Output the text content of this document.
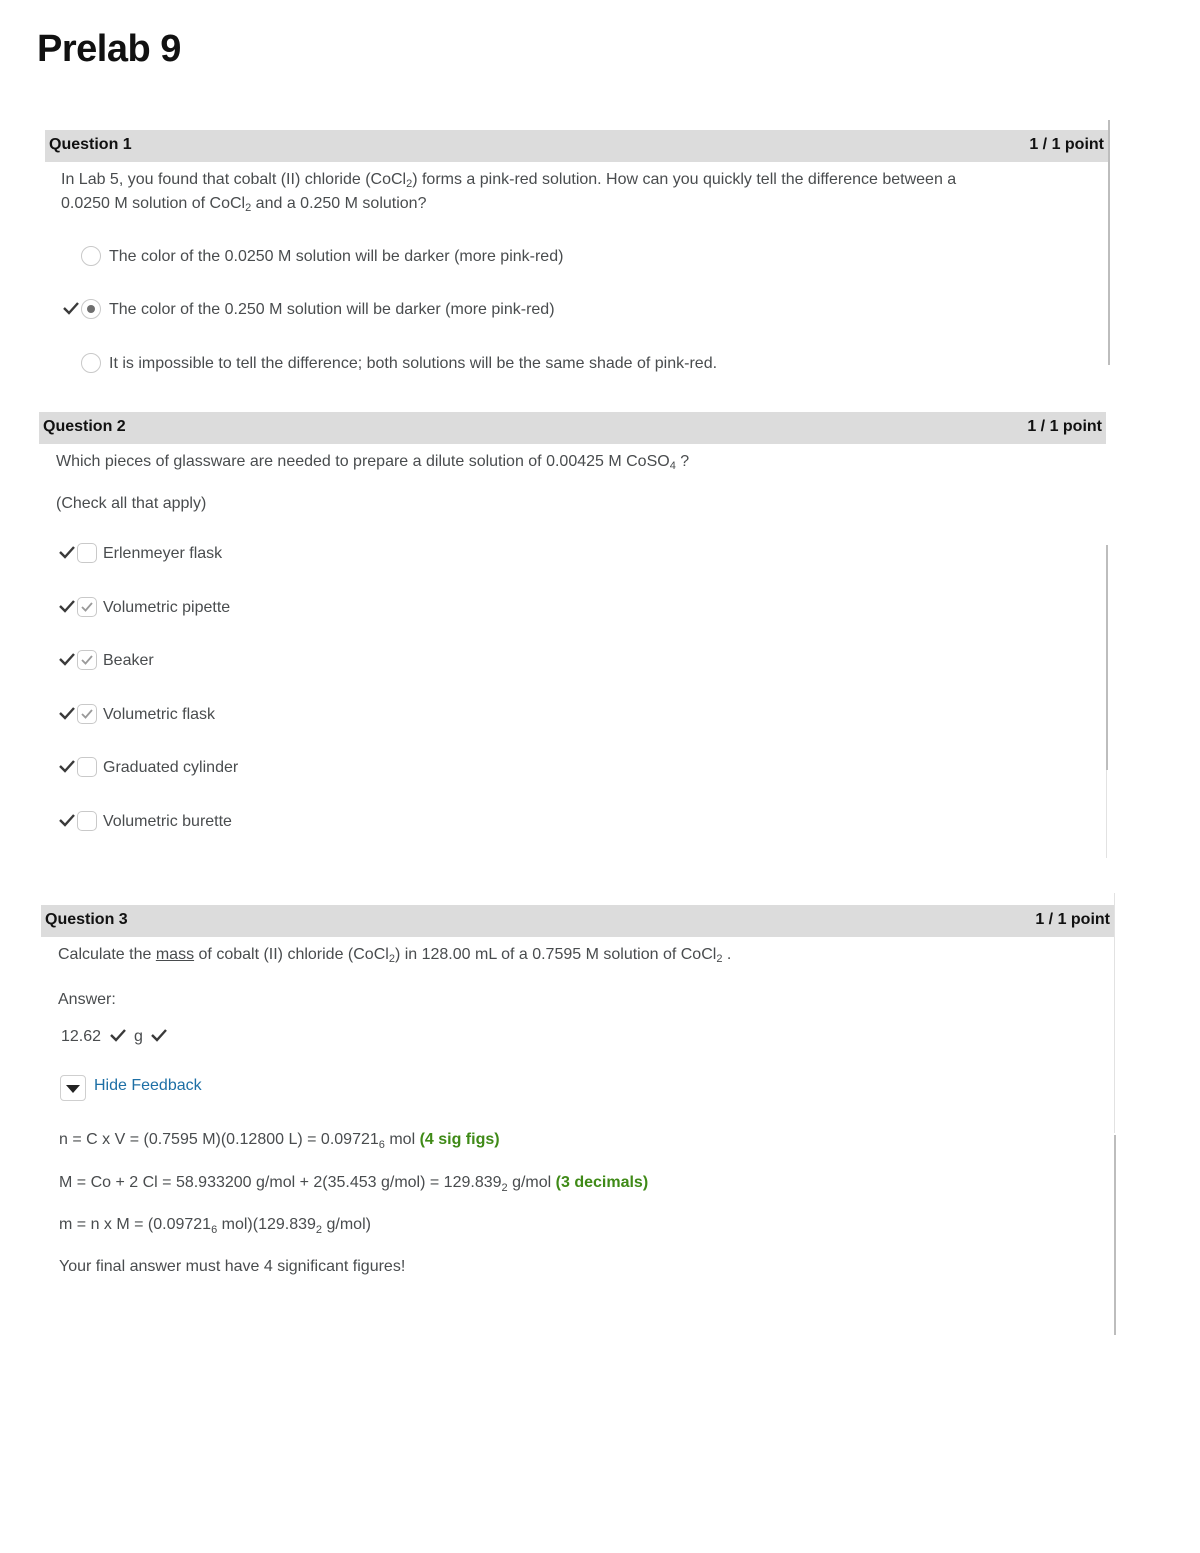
Prelab 9
Question 1	1 / 1 point
In Lab 5, you found that cobalt (II) chloride (CoCl$_2$) forms a pink-red solution. How can you quickly tell the difference between a
0.0250 M solution of CoCl$_2$ and a 0.250 M solution?
The color of the 0.0250 M solution will be darker (more pink-red)
The color of the 0.250 M solution will be darker (more pink-red)
It is impossible to tell the difference; both solutions will be the same shade of pink-red.
Question 2	1 / 1 point
Which pieces of glassware are needed to prepare a dilute solution of 0.00425 M CoSO$_4$ ?
(Check all that apply)
Erlenmeyer flask
Volumetric pipette
Beaker
Volumetric flask
Graduated cylinder
Volumetric burette
Question 3	1 / 1 point
Calculate the mass of cobalt (II) chloride (CoCl$_2$) in 128.00 mL of a 0.7595 M solution of CoCl$_2$ .
Answer:
12.62 g
Hide Feedback
n = C x V = (0.7595 M)(0.12800 $L) = 0.09721_6$ mol (4 sig figs)
M = Co + 2 Cl = 58.933200 g/mol + 2(35.453 $g/mol) = 129.839_2$ g/mol (3 decimals)
m = n x $M = (0.09721_6$ $mol)(129.839_2$ g/mol)
Your final answer must have 4 significant figures!
